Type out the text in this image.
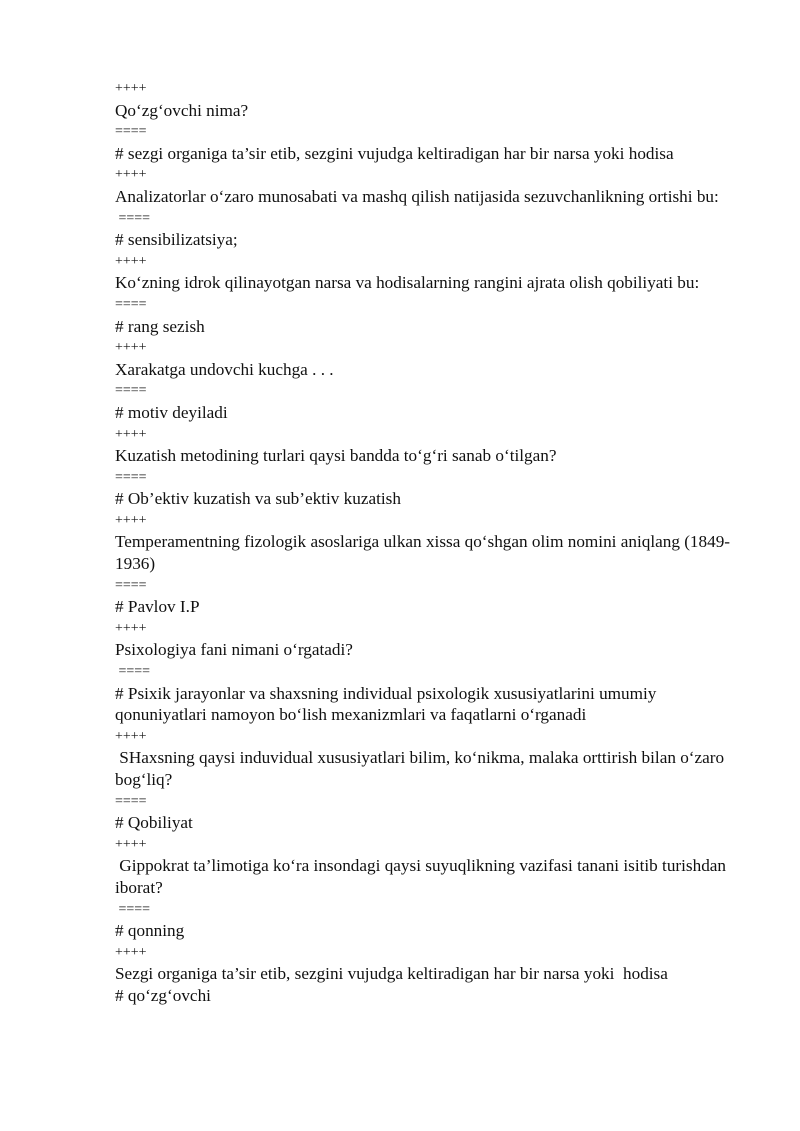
++++

Qo‘zg‘ovchi nima?

====

# sezgi organiga ta’sir etib, sezgini vujudga keltiradigan har bir narsa yoki hodisa

++++

Analizatorlar o‘zaro munosabati va mashq qilish natijasida sezuvchanlikning ortishi bu:

====

# sensibilizatsiya;

++++

Ko‘zning idrok qilinayotgan narsa va hodisalarning rangini ajrata olish qobiliyati bu:

====

# rang sezish

++++

Xarakatga undovchi kuchga . . .

====

# motiv deyiladi

++++

Kuzatish metodining turlari qaysi bandda to‘g‘ri sanab o‘tilgan?

====

# Ob’ektiv kuzatish va sub’ektiv kuzatish

++++

Temperamentning fizologik asoslariga ulkan xissa qo‘shgan olim nomini aniqlang (1849-1936)

====

# Pavlov I.P

++++

Psixologiya fani nimani o‘rgatadi?

====

# Psixik jarayonlar va shaxsning individual psixologik xususiyatlarini umumiy qonuniyatlari namoyon bo‘lish mexanizmlari va faqatlarni o‘rganadi

++++

SHaxsning qaysi induvidual xususiyatlari bilim, ko‘nikma, malaka orttirish bilan o‘zaro bog‘liq?

====

# Qobiliyat

++++

Gippokrat ta’limotiga ko‘ra insondagi qaysi suyuqlikning vazifasi tanani isitib turishdan iborat?

====

# qonning

++++

Sezgi organiga ta’sir etib, sezgini vujudga keltiradigan har bir narsa yoki  hodisa

# qo‘zg‘ovchi
